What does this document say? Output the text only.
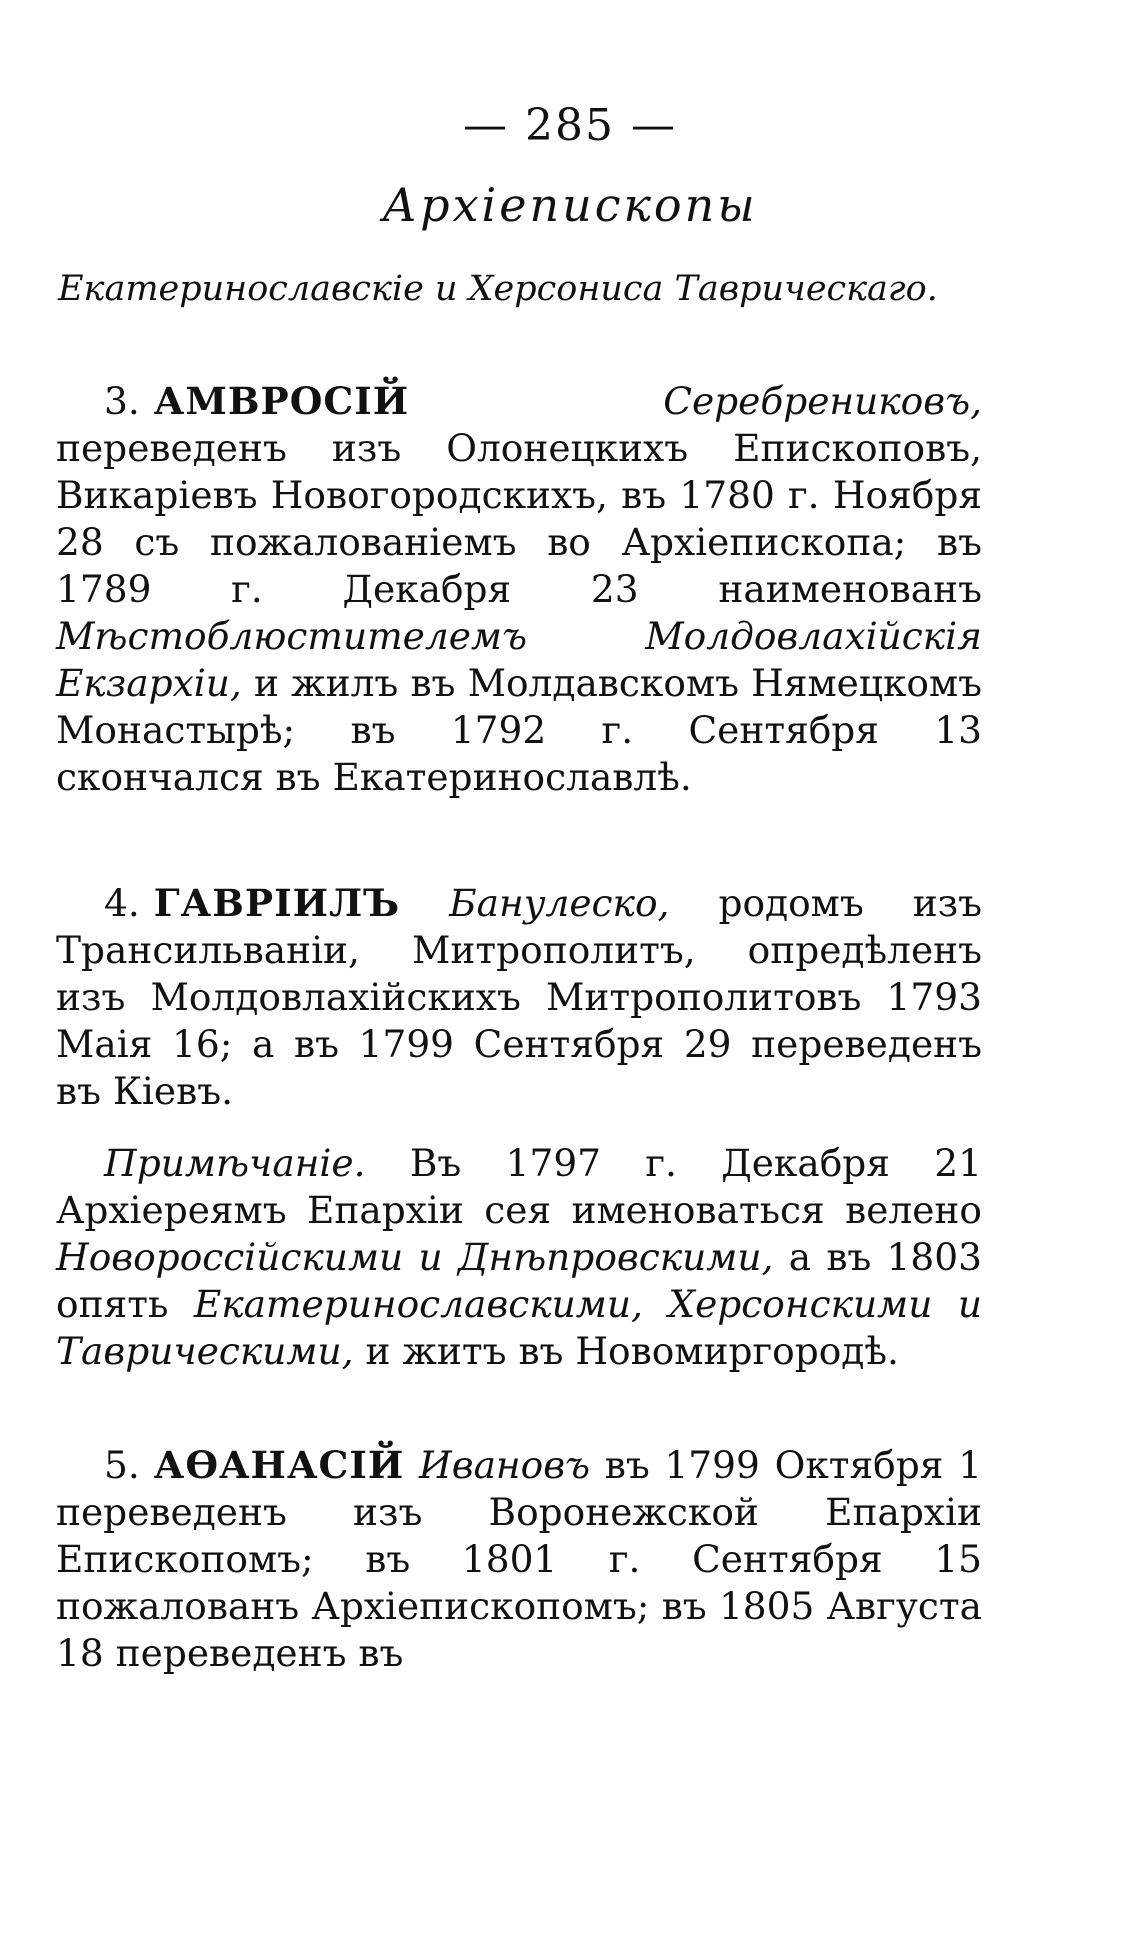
— 285 —
Архіепископы
Екатеринославскіе и Херсониса Таврическаго.
3. АМВРОСІЙ	Серебрениковъ, переведенъ изъ Олонецкихъ Епископовъ, Викаріевъ Новогородскихъ, въ 1780 г. Ноября 28 съ пожалованіемъ во Архіепископа; въ 1789 г. Декабря 23 наименованъ Мѣстоблюстителемъ Молдовлахійскія Екзархіи, и жилъ въ Молдавскомъ Нямецкомъ Монастырѣ; въ 1792 г. Сентября 13 скончался въ Екатеринославлѣ.
4. ГАВРІИЛЪ Банулеско, родомъ изъ Трансильваніи, Митрополитъ, опредѣленъ изъ Молдовлахійскихъ Митрополитовъ 1793 Маія 16; а въ 1799 Сентября 29 переведенъ въ Кіевъ.
Примѣчаніе. Въ 1797 г. Декабря 21 Архіереямъ Епархіи сея именоваться велено Новороссійскими и Днѣпровскими, а въ 1803 опять Екатеринославскими, Херсонскими и Таврическими, и житъ въ Новомиргородѣ.
5. АѲАНАСІЙ Ивановъ въ 1799 Октября 1 переведенъ изъ Воронежской Епархіи Епископомъ; въ 1801 г. Сентября 15 пожалованъ Архіепископомъ; въ 1805 Августа 18 переведенъ въ
